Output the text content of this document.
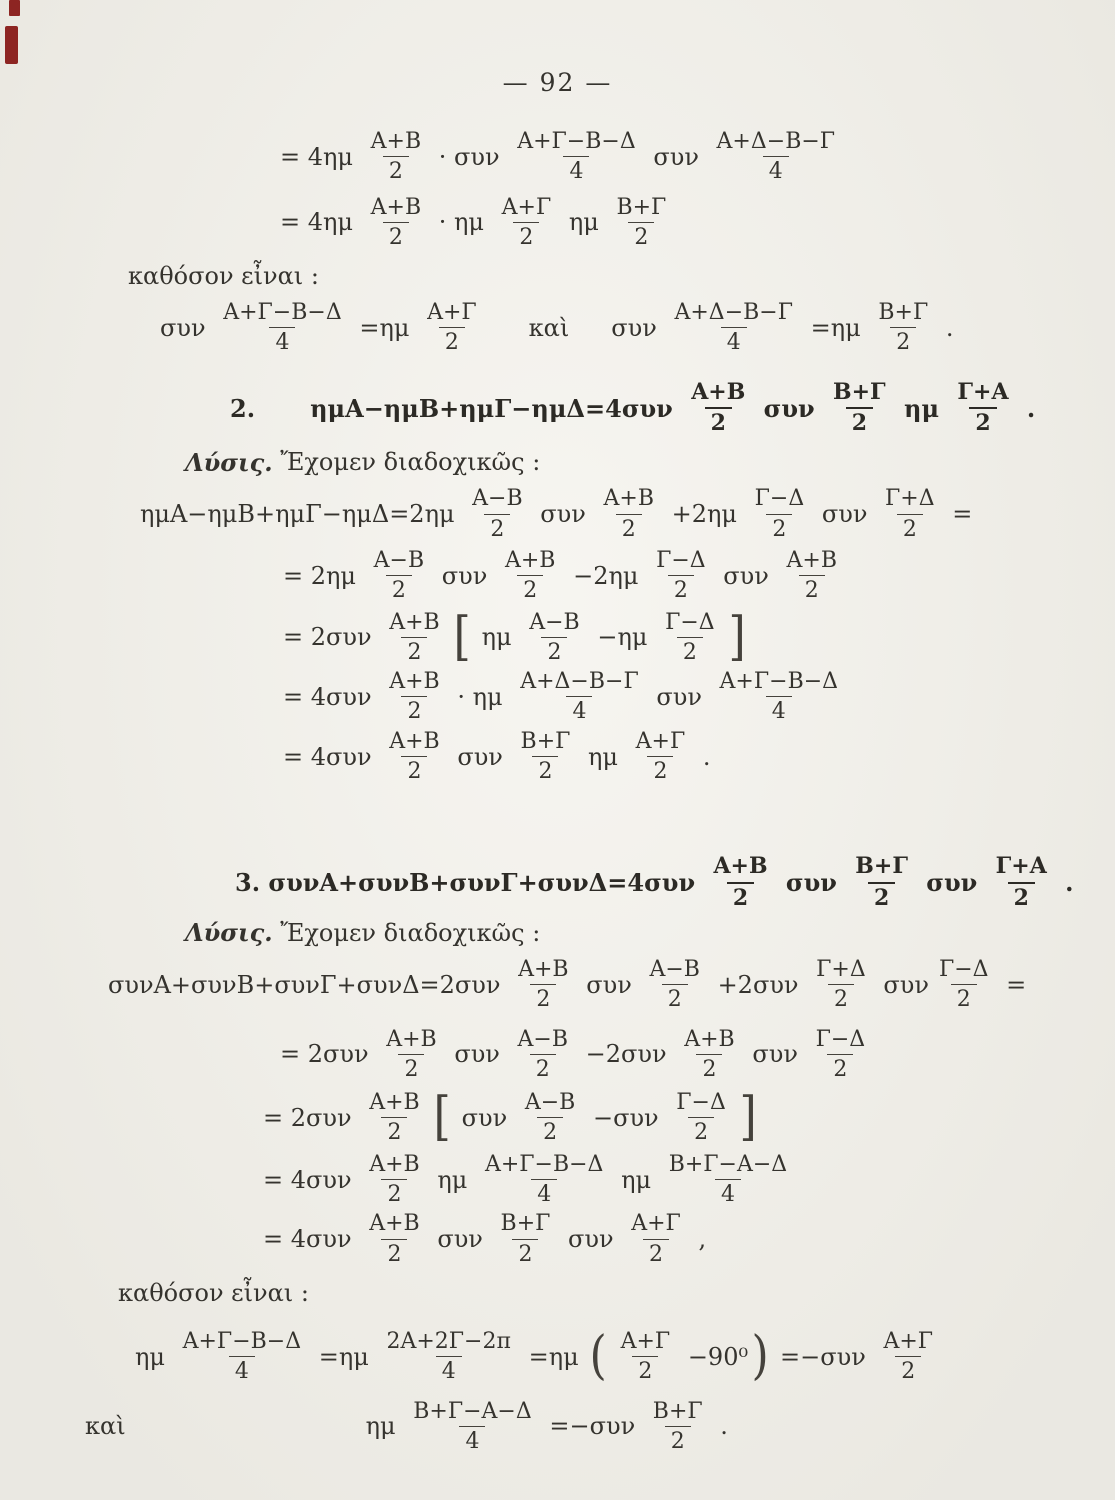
— 92 —
= $4\eta\mu \frac{A+B}{2} \cdot \sigma\upsilon\nu \frac{A+\Gamma-B-\Delta}{4}$ συν $\frac{A+\Delta-B-\Gamma}{4}$
= $4\eta\mu \frac{A+B}{2} \cdot \eta\mu \frac{A+\Gamma}{2}$ ημ $\frac{B+\Gamma}{2}$
καθόσον εἶναι :
συν $\frac{A+\Gamma-B-\Delta}{4} =\eta\mu \frac{A+\Gamma}{2}$ καὶ συν $\frac{A+\Delta-B-\Gamma}{4} =\eta\mu \frac{B+\Gamma}{2}$ .
2. $\eta\mu A-\eta\mu B+\eta\mu\Gamma-\eta\mu\Delta=4\sigma\upsilon\nu \frac{A+B}{2}$ συν $\frac{B+\Gamma}{2}$ ημ $\frac{\Gamma+A}{2}$ .
Λύσις. Ἔχομεν διαδοχικῶς :
$\eta\mu A-\eta\mu B+\eta\mu\Gamma-\eta\mu\Delta=2\eta\mu \frac{A-B}{2}$ συν $\frac{A+B}{2} +2\eta\mu \frac{\Gamma-\Delta}{2}$ συν $\frac{\Gamma+\Delta}{2}$ =
= $2\eta\mu \frac{A-B}{2}$ συν $\frac{A+B}{2} -2\eta\mu \frac{\Gamma-\Delta}{2}$ συν $\frac{A+B}{2}$
= $2\sigma\upsilon\nu \frac{A+B}{2}$ [ ημ $\frac{A-B}{2} -\eta\mu \frac{\Gamma-\Delta}{2}$ ]
= $4\sigma\upsilon\nu \frac{A+B}{2} \cdot \eta\mu \frac{A+\Delta-B-\Gamma}{4}$ συν $\frac{A+\Gamma-B-\Delta}{4}$
= $4\sigma\upsilon\nu \frac{A+B}{2}$ συν $\frac{B+\Gamma}{2}$ ημ $\frac{A+\Gamma}{2}$ .
3. $\sigma\upsilon\nu A+\sigma\upsilon\nu B+\sigma\upsilon\nu\Gamma+\sigma\upsilon\nu\Delta=4\sigma\upsilon\nu \frac{A+B}{2}$ συν $\frac{B+\Gamma}{2}$ συν $\frac{\Gamma+A}{2}$ .
Λύσις. Ἔχομεν διαδοχικῶς :
$\sigma\upsilon\nu A+\sigma\upsilon\nu B+\sigma\upsilon\nu\Gamma+\sigma\upsilon\nu\Delta=2\sigma\upsilon\nu \frac{A+B}{2}$ συν $\frac{A-B}{2} +2\sigma\upsilon\nu \frac{\Gamma+\Delta}{2}$ συν $\frac{\Gamma-\Delta}{2}$ =
= $2\sigma\upsilon\nu \frac{A+B}{2}$ συν $\frac{A-B}{2} -2\sigma\upsilon\nu \frac{A+B}{2}$ συν $\frac{\Gamma-\Delta}{2}$
= $2\sigma\upsilon\nu \frac{A+B}{2}$ [ συν $\frac{A-B}{2} -\sigma\upsilon\nu \frac{\Gamma-\Delta}{2}$ ]
= $4\sigma\upsilon\nu \frac{A+B}{2}$ ημ $\frac{A+\Gamma-B-\Delta}{4}$ ημ $\frac{B+\Gamma-A-\Delta}{4}$
= $4\sigma\upsilon\nu \frac{A+B}{2}$ συν $\frac{B+\Gamma}{2}$ συν $\frac{A+\Gamma}{2}$ ,
καθόσον εἶναι :
ημ $\frac{A+\Gamma-B-\Delta}{4} =\eta\mu \frac{2A+2\Gamma-2\pi}{4} =\eta\mu$ ( $\frac{A+\Gamma}{2} -90^0$ ) $=-\sigma\upsilon\nu \frac{A+\Gamma}{2}$
καὶ	ημ $\frac{B+\Gamma-A-\Delta}{4} =-\sigma\upsilon\nu \frac{B+\Gamma}{2}$ .
